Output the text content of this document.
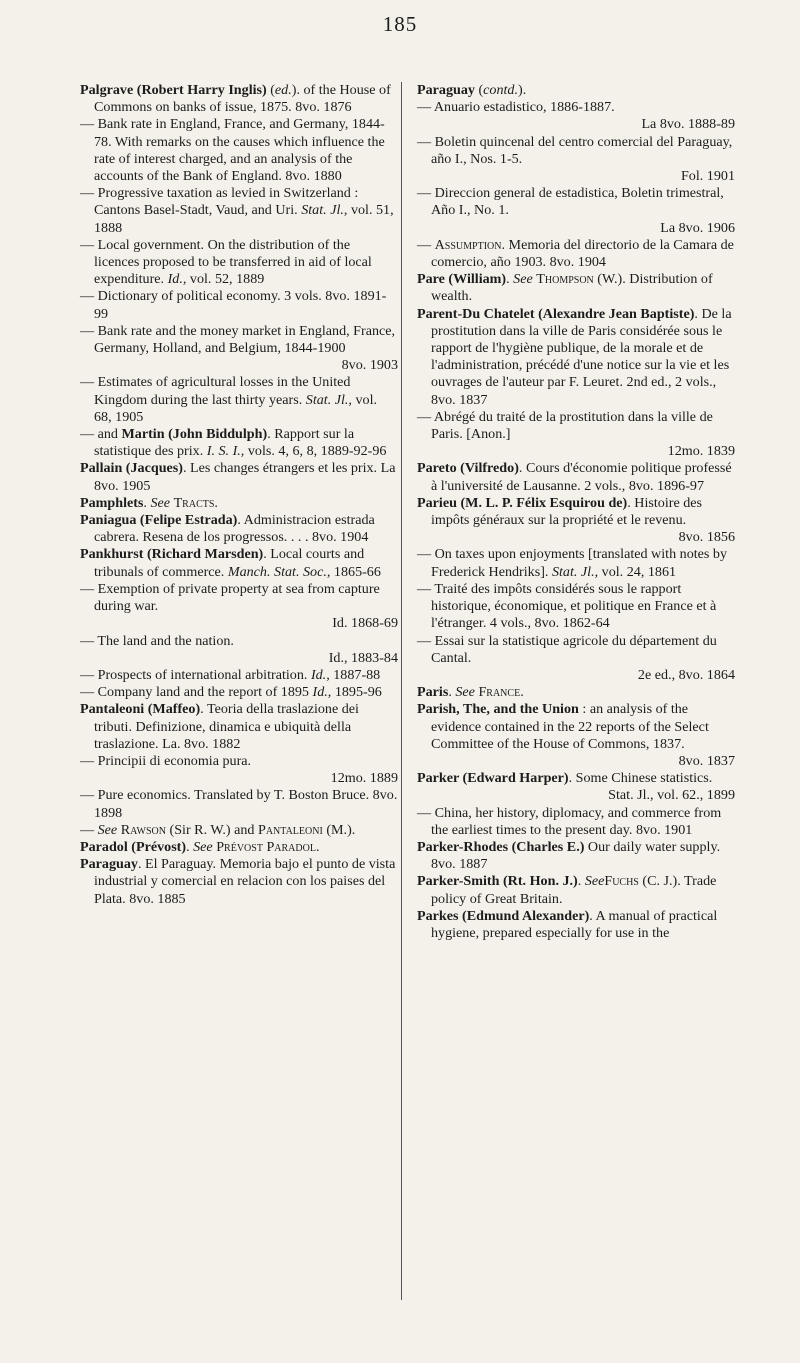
185
Palgrave (Robert Harry Inglis) (ed.). of the House of Commons on banks of issue, 1875. 8vo. 1876
— Bank rate in England, France, and Germany, 1844-78. With remarks on the causes which influence the rate of interest charged, and an analysis of the accounts of the Bank of England. 8vo. 1880
— Progressive taxation as levied in Switzerland : Cantons Basel-Stadt, Vaud, and Uri. Stat. Jl., vol. 51, 1888
— Local government. On the distribution of the licences proposed to be transferred in aid of local expenditure. Id., vol. 52, 1889
— Dictionary of political economy. 3 vols. 8vo. 1891-99
— Bank rate and the money market in England, France, Germany, Holland, and Belgium, 1844-1900
8vo. 1903
— Estimates of agricultural losses in the United Kingdom during the last thirty years. Stat. Jl., vol. 68, 1905
— and Martin (John Biddulph). Rapport sur la statistique des prix. I. S. I., vols. 4, 6, 8, 1889-92-96
Pallain (Jacques). Les changes étrangers et les prix. La 8vo. 1905
Pamphlets. See Tracts.
Paniagua (Felipe Estrada). Administracion estrada cabrera. Resena de los progressos. . . . 8vo. 1904
Pankhurst (Richard Marsden). Local courts and tribunals of commerce. Manch. Stat. Soc., 1865-66
— Exemption of private property at sea from capture during war.
Id. 1868-69
— The land and the nation.
Id., 1883-84
— Prospects of international arbitration. Id., 1887-88
— Company land and the report of 1895 Id., 1895-96
Pantaleoni (Maffeo). Teoria della traslazione dei tributi. Definizione, dinamica e ubiquità della traslazione. La. 8vo. 1882
— Principii di economia pura.
12mo. 1889
— Pure economics. Translated by T. Boston Bruce. 8vo. 1898
— See Rawson (Sir R. W.) and Pantaleoni (M.).
Paradol (Prévost). See Prévost Paradol.
Paraguay. El Paraguay. Memoria bajo el punto de vista industrial y comercial en relacion con los paises del Plata. 8vo. 1885
Paraguay (contd.).
— Anuario estadistico, 1886-1887.
La 8vo. 1888-89
— Boletin quincenal del centro comercial del Paraguay, año I., Nos. 1-5.
Fol. 1901
— Direccion general de estadistica, Boletin trimestral, Año I., No. 1.
La 8vo. 1906
— Assumption. Memoria del directorio de la Camara de comercio, año 1903. 8vo. 1904
Pare (William). See Thompson (W.). Distribution of wealth.
Parent-Du Chatelet (Alexandre Jean Baptiste). De la prostitution dans la ville de Paris considérée sous le rapport de l'hygiène publique, de la morale et de l'administration, précédé d'une notice sur la vie et les ouvrages de l'auteur par F. Leuret. 2nd ed., 2 vols., 8vo. 1837
— Abrégé du traité de la prostitution dans la ville de Paris. [Anon.]
12mo. 1839
Pareto (Vilfredo). Cours d'économie politique professé à l'université de Lausanne. 2 vols., 8vo. 1896-97
Parieu (M. L. P. Félix Esquirou de). Histoire des impôts généraux sur la propriété et le revenu.
8vo. 1856
— On taxes upon enjoyments [translated with notes by Frederick Hendriks]. Stat. Jl., vol. 24, 1861
— Traité des impôts considérés sous le rapport historique, économique, et politique en France et à l'étranger. 4 vols., 8vo. 1862-64
— Essai sur la statistique agricole du département du Cantal.
2e ed., 8vo. 1864
Paris. See France.
Parish, The, and the Union : an analysis of the evidence contained in the 22 reports of the Select Committee of the House of Commons, 1837.
8vo. 1837
Parker (Edward Harper). Some Chinese statistics.
Stat. Jl., vol. 62., 1899
— China, her history, diplomacy, and commerce from the earliest times to the present day. 8vo. 1901
Parker-Rhodes (Charles E.) Our daily water supply. 8vo. 1887
Parker-Smith (Rt. Hon. J.). SeeFuchs (C. J.). Trade policy of Great Britain.
Parkes (Edmund Alexander). A manual of practical hygiene, prepared especially for use in the
